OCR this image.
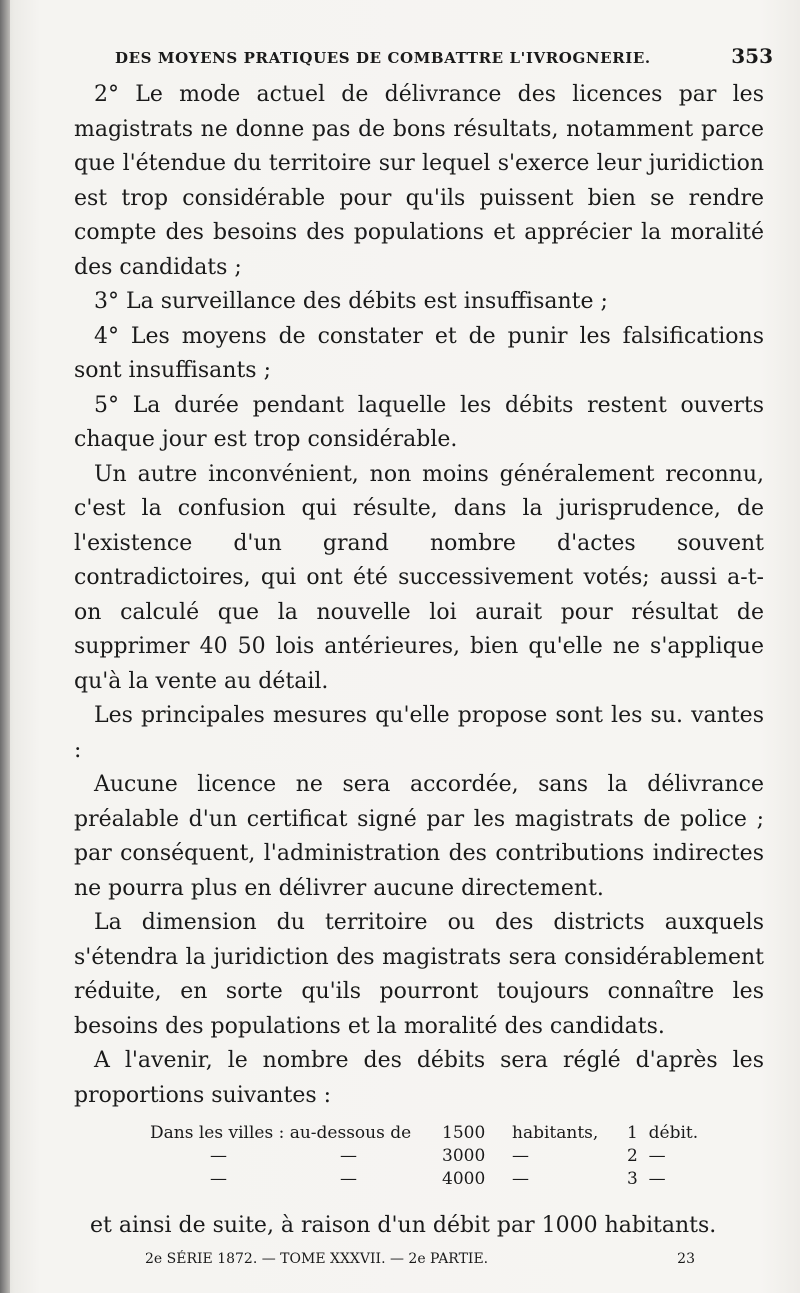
DES MOYENS PRATIQUES DE COMBATTRE L'IVROGNERIE.	353

2° Le mode actuel de délivrance des licences par les magistrats ne donne pas de bons résultats, notamment parce que l'étendue du territoire sur lequel s'exerce leur juridiction est trop considérable pour qu'ils puissent bien se rendre compte des besoins des populations et apprécier la moralité des candidats ;

3° La surveillance des débits est insuffisante ;

4° Les moyens de constater et de punir les falsifications sont insuffisants ;

5° La durée pendant laquelle les débits restent ouverts chaque jour est trop considérable.

Un autre inconvénient, non moins généralement reconnu, c'est la confusion qui résulte, dans la jurisprudence, de l'existence d'un grand nombre d'actes souvent contradictoires, qui ont été successivement votés; aussi a-t-on calculé que la nouvelle loi aurait pour résultat de supprimer 40 50 lois antérieures, bien qu'elle ne s'applique qu'à la vente au détail.

Les principales mesures qu'elle propose sont les su. vantes :

Aucune licence ne sera accordée, sans la délivrance préalable d'un certificat signé par les magistrats de police ; par conséquent, l'administration des contributions indirectes ne pourra plus en délivrer aucune directement.

La dimension du territoire ou des districts auxquels s'étendra la juridiction des magistrats sera considérablement réduite, en sorte qu'ils pourront toujours connaître les besoins des populations et la moralité des candidats.

A l'avenir, le nombre des débits sera réglé d'après les proportions suivantes :

Dans les villes : au-dessous de	1500	habitants,	1 débit.
—	—	3000	—	2 —
—	—	4000	—	3 —
et ainsi de suite, à raison d'un débit par 1000 habitants.
2e SÉRIE 1872. — TOME XXXVII. — 2e PARTIE.	23
